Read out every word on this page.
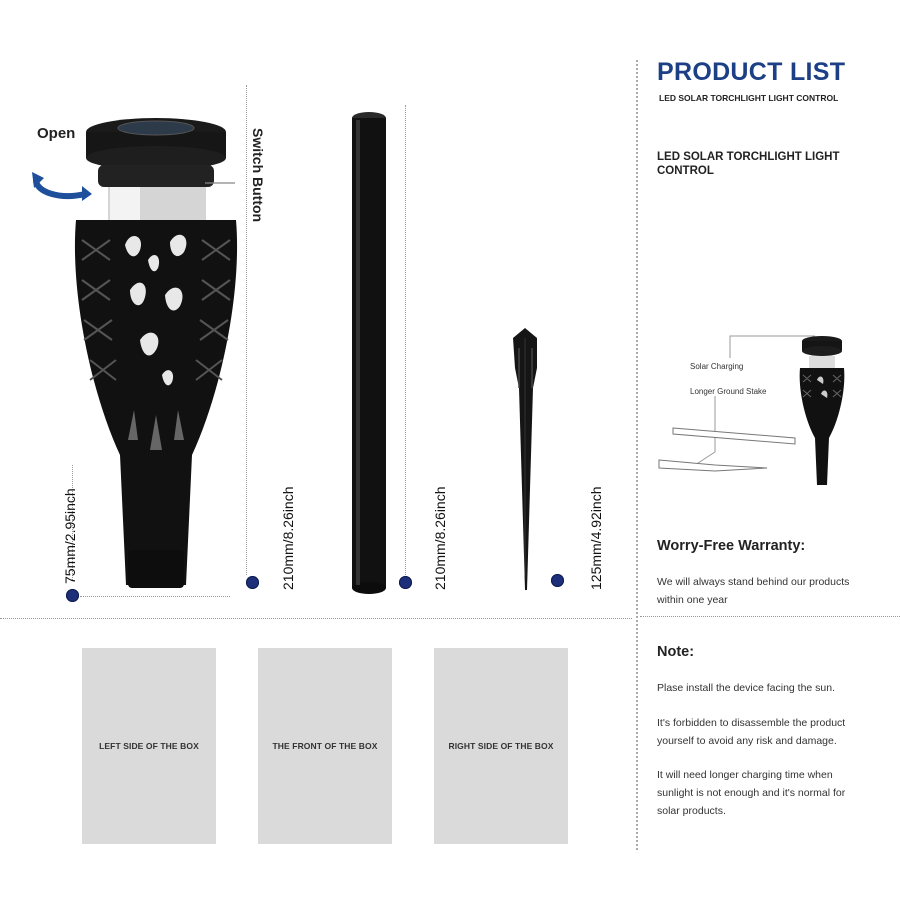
Open	Switch Button
75mm/2.95inch	210mm/8.26inch	210mm/8.26inch	125mm/4.92inch
LEFT SIDE OF THE BOX	THE FRONT OF THE BOX	RIGHT SIDE OF THE BOX
PRODUCT LIST
LED SOLAR TORCHLIGHT LIGHT CONTROL
LED SOLAR TORCHLIGHT LIGHT CONTROL
Solar Charging
Longer Ground Stake
Worry-Free Warranty:
We will always stand behind our products within one year
Note:
Plase install the device facing the sun.
It's forbidden to disassemble the product yourself to avoid any risk and damage.
It will need longer charging time when sunlight is not enough and it's normal for solar products.
